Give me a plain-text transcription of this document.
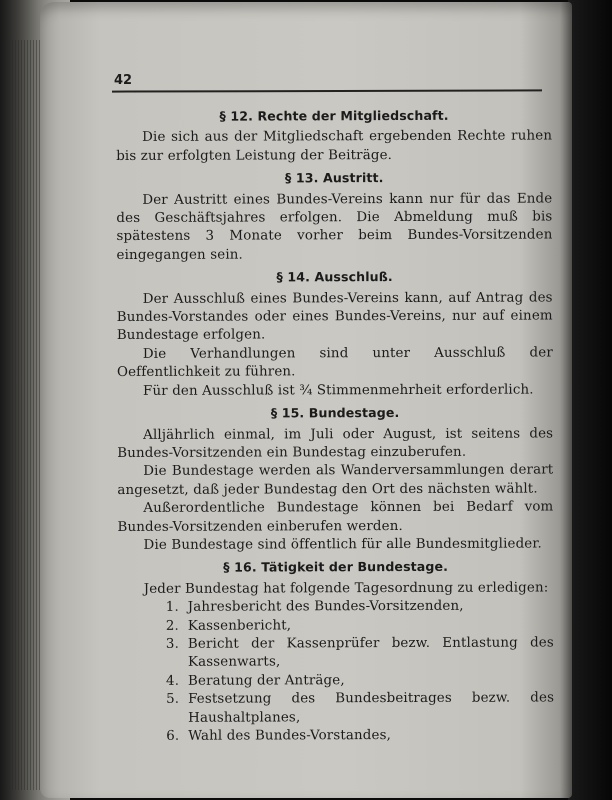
42

§ 12. Rechte der Mitgliedschaft.

Die sich aus der Mitgliedschaft ergebenden Rechte ruhen bis zur erfolgten Leistung der Beiträge.

§ 13. Austritt.

Der Austritt eines Bundes-Vereins kann nur für das Ende des Geschäftsjahres erfolgen. Die Abmeldung muß bis spätestens 3 Monate vorher beim Bundes-Vorsitzenden eingegangen sein.

§ 14. Ausschluß.

Der Ausschluß eines Bundes-Vereins kann, auf Antrag des Bundes-Vorstandes oder eines Bundes-Vereins, nur auf einem Bundestage erfolgen.

Die Verhandlungen sind unter Ausschluß der Oeffentlichkeit zu führen.

Für den Ausschluß ist ¾ Stimmenmehrheit erforderlich.

§ 15. Bundestage.

Alljährlich einmal, im Juli oder August, ist seitens des Bundes-Vorsitzenden ein Bundestag einzuberufen.

Die Bundestage werden als Wanderversammlungen derart angesetzt, daß jeder Bundestag den Ort des nächsten wählt.

Außerordentliche Bundestage können bei Bedarf vom Bundes-Vorsitzenden einberufen werden.

Die Bundestage sind öffentlich für alle Bundesmitglieder.

§ 16. Tätigkeit der Bundestage.

Jeder Bundestag hat folgende Tagesordnung zu erledigen:

1. Jahresbericht des Bundes-Vorsitzenden,
2. Kassenbericht,
3. Bericht der Kassenprüfer bezw. Entlastung des Kassenwarts,
4. Beratung der Anträge,
5. Festsetzung des Bundesbeitrages bezw. des Haushaltplanes,
6. Wahl des Bundes-Vorstandes,
